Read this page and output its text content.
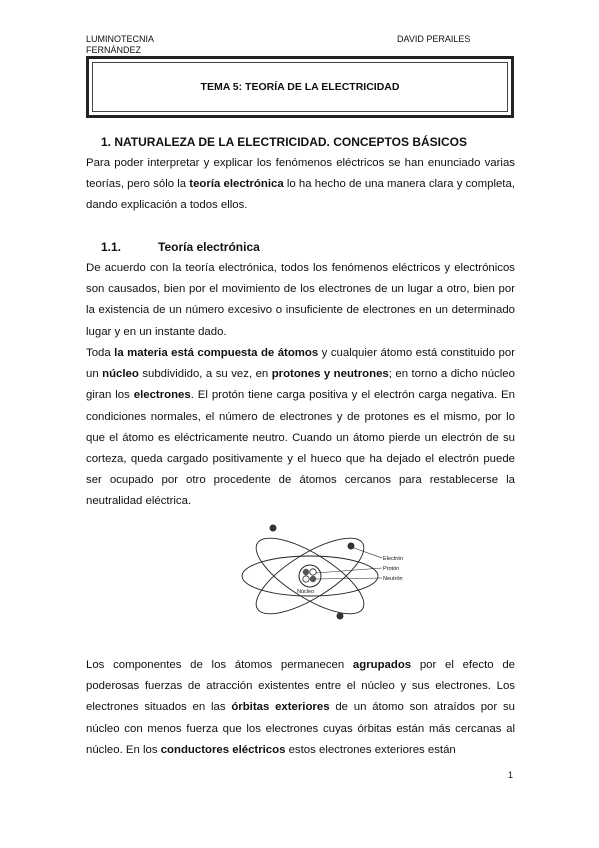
LUMINOTECNIA
FERNÁNDEZ
DAVID PERAILES
TEMA 5: TEORÍA DE LA ELECTRICIDAD
1. NATURALEZA DE LA ELECTRICIDAD. CONCEPTOS BÁSICOS

Para poder interpretar y explicar los fenómenos eléctricos se han enunciado varias teorías, pero sólo la teoría electrónica lo ha hecho de una manera clara y completa, dando explicación a todos ellos.

1.1.	Teoría electrónica

De acuerdo con la teoría electrónica, todos los fenómenos eléctricos y electrónicos son causados, bien por el movimiento de los electrones de un lugar a otro, bien por la existencia de un número excesivo o insuficiente de electrones en un determinado lugar y en un instante dado.

Toda la materia está compuesta de átomos y cualquier átomo está constituido por un núcleo subdividido, a su vez, en protones y neutrones; en torno a dicho núcleo giran los electrones. El protón tiene carga positiva y el electrón carga negativa. En condiciones normales, el número de electrones y de protones es el mismo, por lo que el átomo es eléctricamente neutro. Cuando un átomo pierde un electrón de su corteza, queda cargado positivamente y el hueco que ha dejado el electrón puede ser ocupado por otro procedente de átomos cercanos para restablecerse la neutralidad eléctrica.

Electrón
Protón
Neutrón
Núcleo

Los componentes de los átomos permanecen agrupados por el efecto de poderosas fuerzas de atracción existentes entre el núcleo y sus electrones. Los electrones situados en las órbitas exteriores de un átomo son atraídos por su núcleo con menos fuerza que los electrones cuyas órbitas están más cercanas al núcleo. En los conductores eléctricos estos electrones exteriores están

1
